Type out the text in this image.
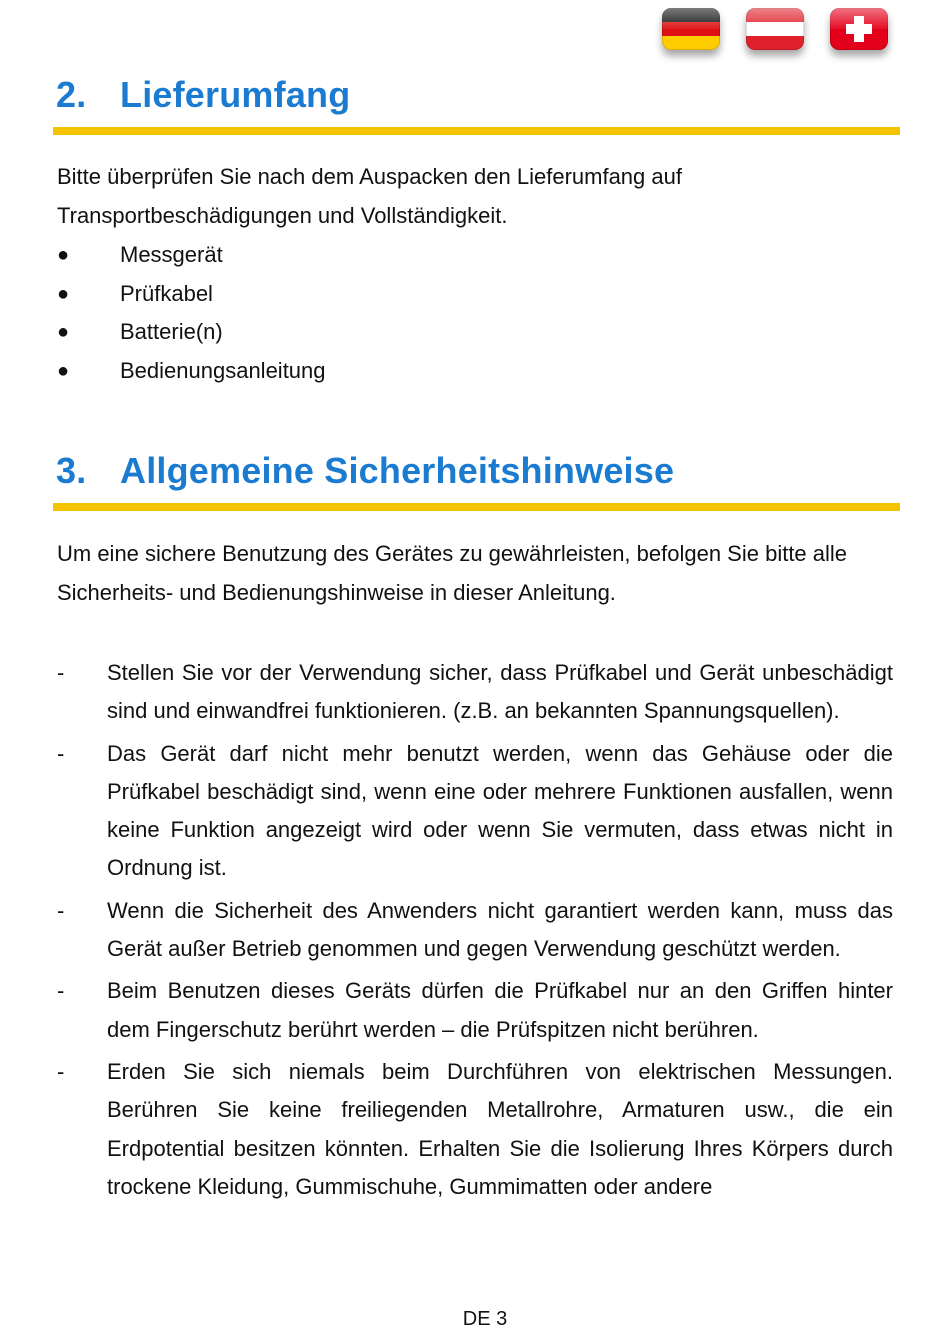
2. Lieferumfang

Bitte überprüfen Sie nach dem Auspacken den Lieferumfang auf Transportbeschädigungen und Vollständigkeit.

● Messgerät
● Prüfkabel
● Batterie(n)
● Bedienungsanleitung
3. Allgemeine Sicherheitshinweise

Um eine sichere Benutzung des Gerätes zu gewährleisten, befolgen Sie bitte alle Sicherheits- und Bedienungshinweise in dieser Anleitung.

- Stellen Sie vor der Verwendung sicher, dass Prüfkabel und Gerät unbeschädigt sind und einwandfrei funktionieren. (z.B. an bekannten Spannungsquellen).
- Das Gerät darf nicht mehr benutzt werden, wenn das Gehäuse oder die Prüfkabel beschädigt sind, wenn eine oder mehrere Funktionen ausfallen, wenn keine Funktion angezeigt wird oder wenn Sie vermuten, dass etwas nicht in Ordnung ist.
- Wenn die Sicherheit des Anwenders nicht garantiert werden kann, muss das Gerät außer Betrieb genommen und gegen Verwendung geschützt werden.
- Beim Benutzen dieses Geräts dürfen die Prüfkabel nur an den Griffen hinter dem Fingerschutz berührt werden – die Prüfspitzen nicht berühren.
- Erden Sie sich niemals beim Durchführen von elektrischen Messungen. Berühren Sie keine freiliegenden Metallrohre, Armaturen usw., die ein Erdpotential besitzen könnten. Erhalten Sie die Isolierung Ihres Körpers durch trockene Kleidung, Gummischuhe, Gummimatten oder andere
DE 3
